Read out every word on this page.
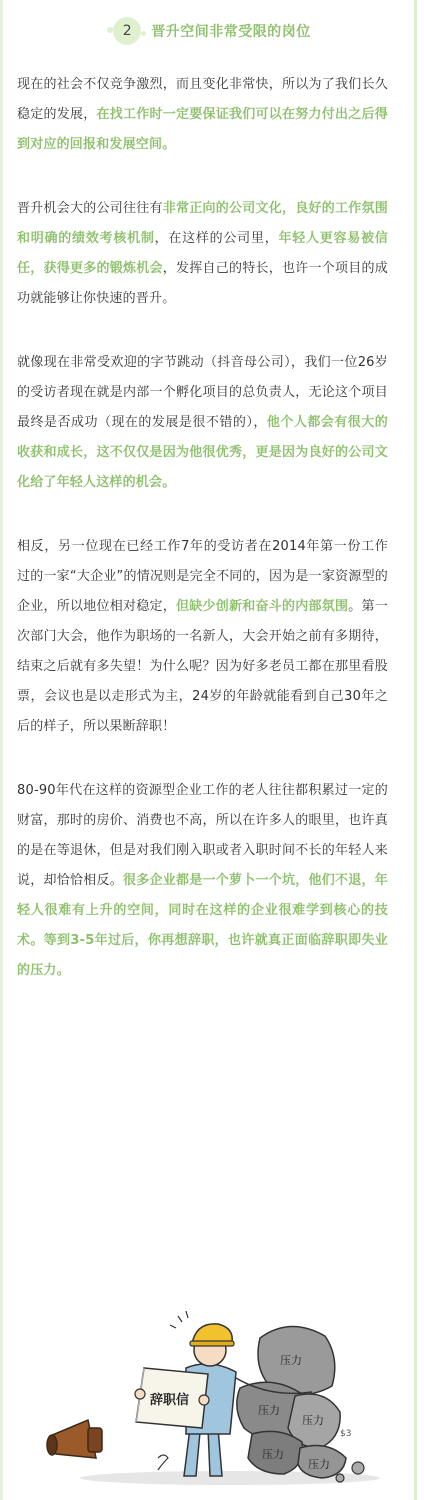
2	晋升空间非常受限的岗位

现在的社会不仅竞争激烈，而且变化非常快，所以为了我们长久稳定的发展，在找工作时一定要保证我们可以在努力付出之后得到对应的回报和发展空间。

晋升机会大的公司往往有非常正向的公司文化，良好的工作氛围和明确的绩效考核机制，在这样的公司里，年轻人更容易被信任，获得更多的锻炼机会，发挥自己的特长，也许一个项目的成功就能够让你快速的晋升。

就像现在非常受欢迎的字节跳动（抖音母公司），我们一位26岁的受访者现在就是内部一个孵化项目的总负责人，无论这个项目最终是否成功（现在的发展是很不错的），他个人都会有很大的收获和成长，这不仅仅是因为他很优秀，更是因为良好的公司文化给了年轻人这样的机会。

相反，另一位现在已经工作7年的受访者在2014年第一份工作过的一家“大企业”的情况则是完全不同的，因为是一家资源型的企业，所以地位相对稳定，但缺少创新和奋斗的内部氛围。第一次部门大会，他作为职场的一名新人，大会开始之前有多期待，结束之后就有多失望！为什么呢？因为好多老员工都在那里看股票，会议也是以走形式为主，24岁的年龄就能看到自己30年之后的样子，所以果断辞职！

80-90年代在这样的资源型企业工作的老人往往都积累过一定的财富，那时的房价、消费也不高，所以在许多人的眼里，也许真的是在等退休，但是对我们刚入职或者入职时间不长的年轻人来说，却恰恰相反。很多企业都是一个萝卜一个坑，他们不退，年轻人很难有上升的空间，同时在这样的企业很难学到核心的技术。等到3-5年过后，你再想辞职，也许就真正面临辞职即失业的压力。

压力
压力
压力
压力
压力
辞职信
$3
